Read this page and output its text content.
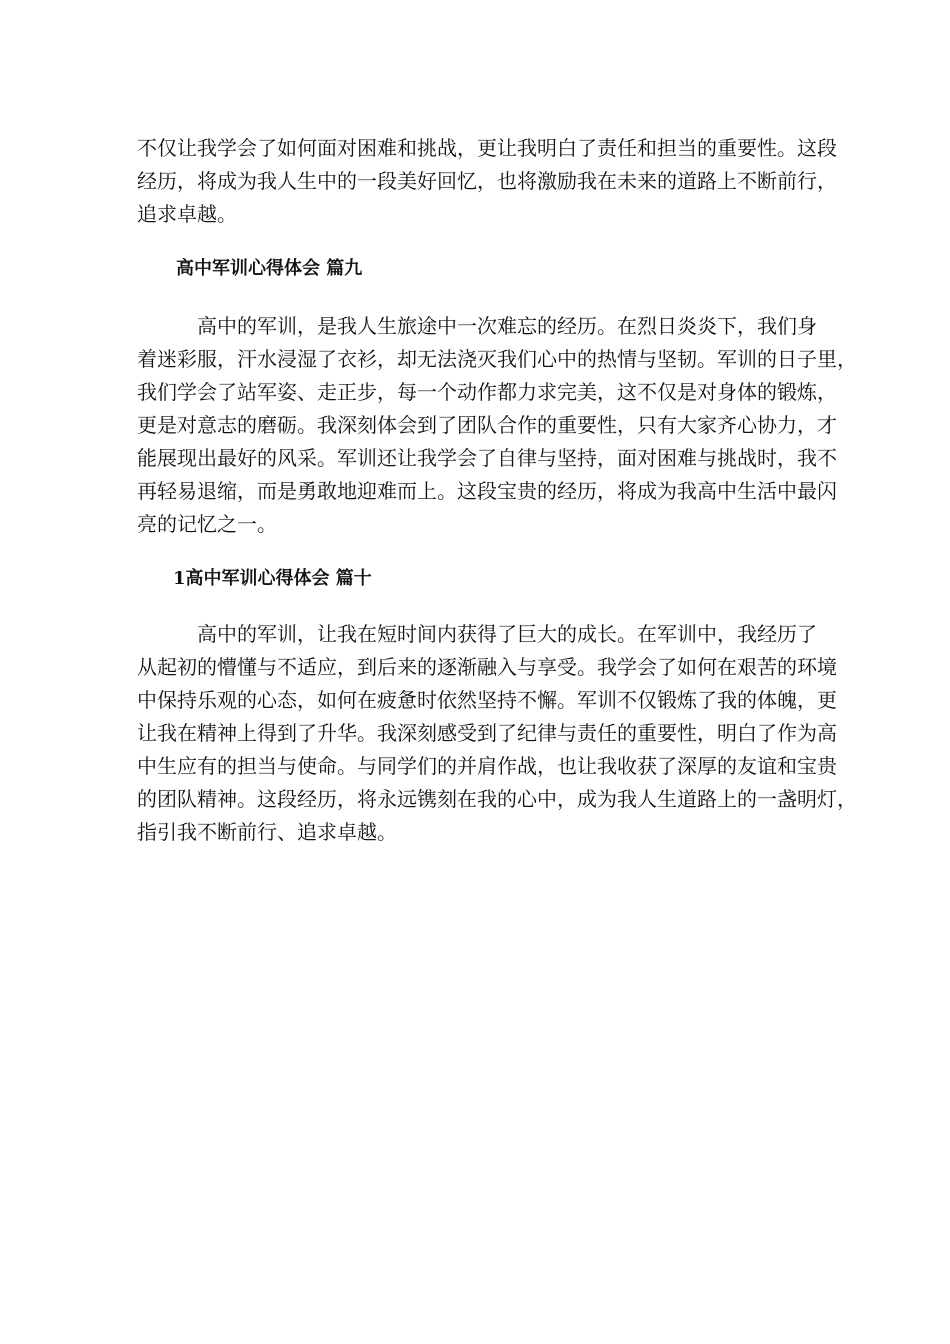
不仅让我学会了如何面对困难和挑战，更让我明白了责任和担当的重要性。这段
经历，将成为我人生中的一段美好回忆，也将激励我在未来的道路上不断前行，
追求卓越。

高中军训心得体会 篇九

　　　高中的军训，是我人生旅途中一次难忘的经历。在烈日炎炎下，我们身
着迷彩服，汗水浸湿了衣衫，却无法浇灭我们心中的热情与坚韧。军训的日子里，
我们学会了站军姿、走正步，每一个动作都力求完美，这不仅是对身体的锻炼，
更是对意志的磨砺。我深刻体会到了团队合作的重要性，只有大家齐心协力，才
能展现出最好的风采。军训还让我学会了自律与坚持，面对困难与挑战时，我不
再轻易退缩，而是勇敢地迎难而上。这段宝贵的经历，将成为我高中生活中最闪
亮的记忆之一。

1高中军训心得体会 篇十

　　　高中的军训，让我在短时间内获得了巨大的成长。在军训中，我经历了
从起初的懵懂与不适应，到后来的逐渐融入与享受。我学会了如何在艰苦的环境
中保持乐观的心态，如何在疲惫时依然坚持不懈。军训不仅锻炼了我的体魄，更
让我在精神上得到了升华。我深刻感受到了纪律与责任的重要性，明白了作为高
中生应有的担当与使命。与同学们的并肩作战，也让我收获了深厚的友谊和宝贵
的团队精神。这段经历，将永远镌刻在我的心中，成为我人生道路上的一盏明灯，
指引我不断前行、追求卓越。
